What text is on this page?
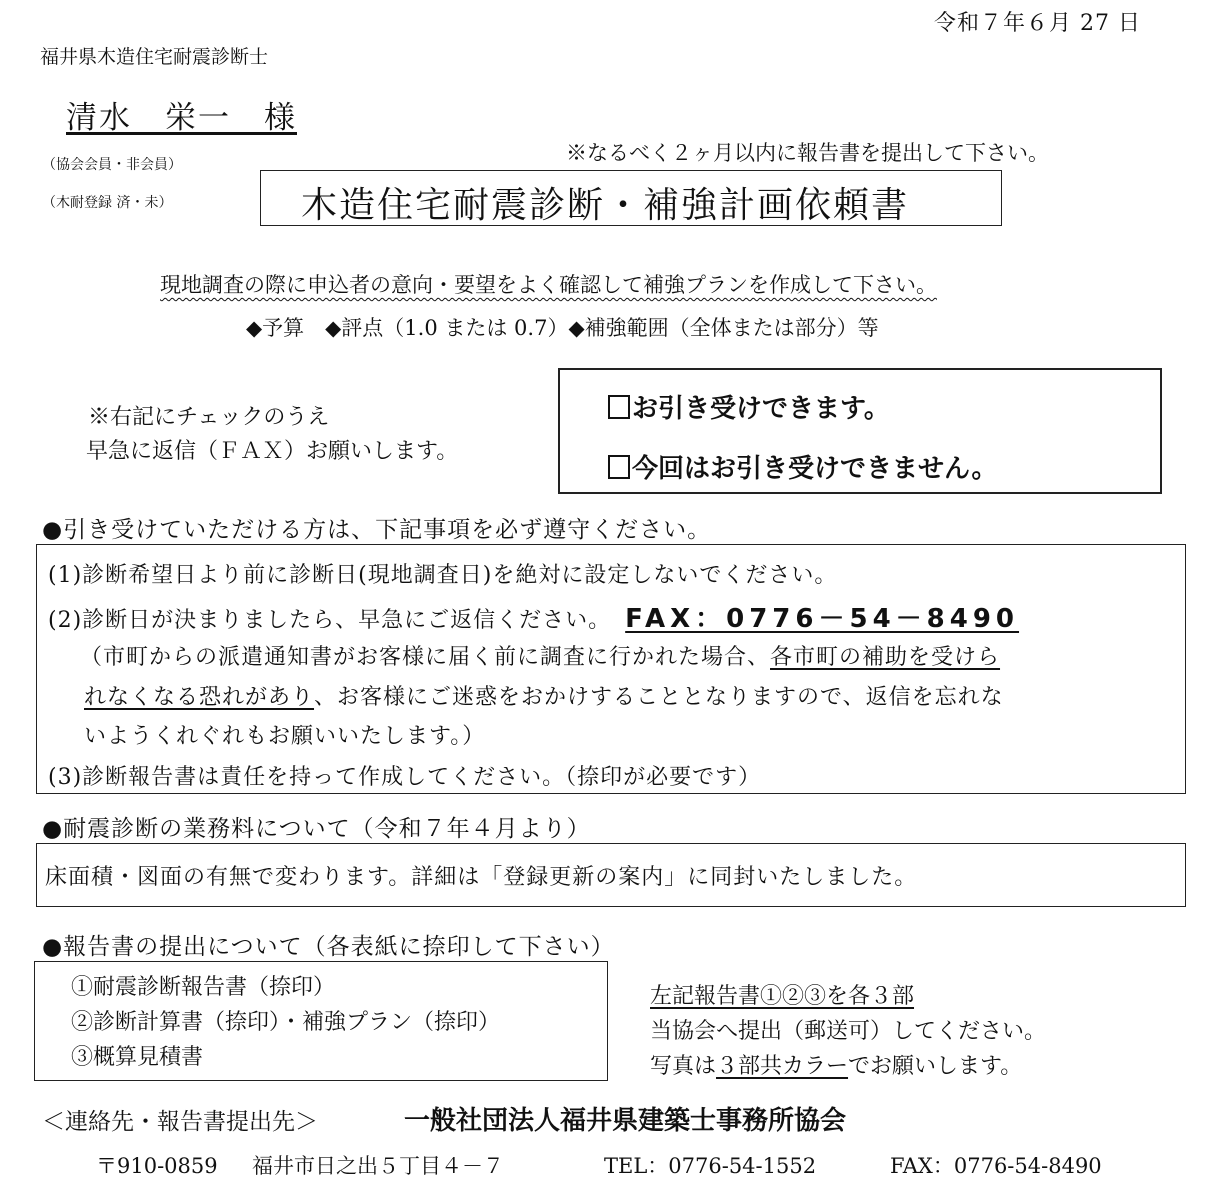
令和７年６月 27 日
福井県木造住宅耐震診断士
清水　栄一　様
※なるべく２ヶ月以内に報告書を提出して下さい。
（協会会員・非会員）
（木耐登録 済・未）	木造住宅耐震診断・補強計画依頼書
現地調査の際に申込者の意向・要望をよく確認して補強プランを作成して下さい。
◆予算　◆評点（1.0 または 0.7）◆補強範囲（全体または部分）等
※右記にチェックのうえ
早急に返信（ＦＡＸ）お願いします。
お引き受けできます。
今回はお引き受けできません。
●引き受けていただける方は、下記事項を必ず遵守ください。
(1)診断希望日より前に診断日(現地調査日)を絶対に設定しないでください。
(2)診断日が決まりましたら、早急にご返信ください。 FAX：0776－54－8490
（市町からの派遣通知書がお客様に届く前に調査に行かれた場合、各市町の補助を受けら
れなくなる恐れがあり、お客様にご迷惑をおかけすることとなりますので、返信を忘れな
いようくれぐれもお願いいたします。）
(3)診断報告書は責任を持って作成してください。（捺印が必要です）
●耐震診断の業務料について（令和７年４月より）
床面積・図面の有無で変わります。詳細は「登録更新の案内」に同封いたしました。
●報告書の提出について（各表紙に捺印して下さい）
①耐震診断報告書（捺印）
②診断計算書（捺印）・補強プラン（捺印）
③概算見積書
左記報告書①②③を各３部
当協会へ提出（郵送可）してください。
写真は３部共カラーでお願いします。
＜連絡先・報告書提出先＞	一般社団法人福井県建築士事務所協会
〒910-0859 福井市日之出５丁目４－７	TEL：0776-54-1552	FAX：0776-54-8490
